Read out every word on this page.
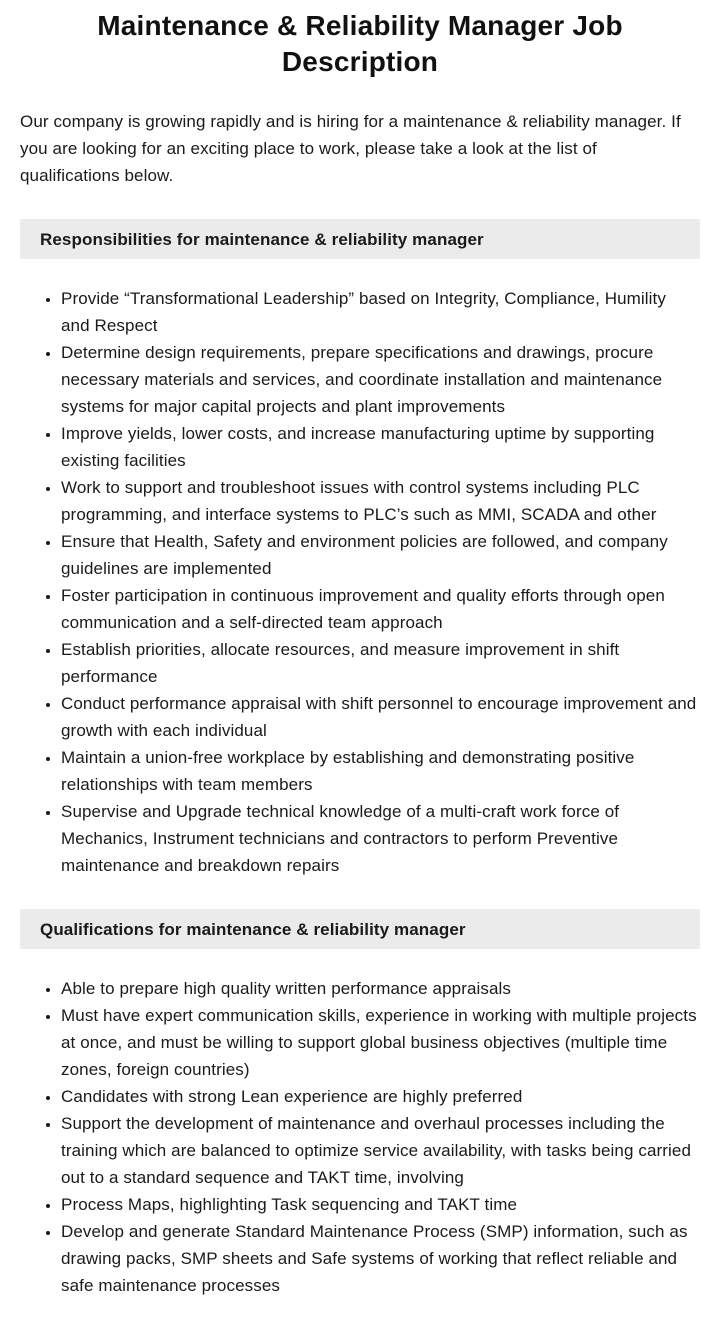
Maintenance & Reliability Manager Job Description

Our company is growing rapidly and is hiring for a maintenance & reliability manager. If you are looking for an exciting place to work, please take a look at the list of qualifications below.

Responsibilities for maintenance & reliability manager
• Provide “Transformational Leadership” based on Integrity, Compliance, Humility and Respect
• Determine design requirements, prepare specifications and drawings, procure necessary materials and services, and coordinate installation and maintenance systems for major capital projects and plant improvements
• Improve yields, lower costs, and increase manufacturing uptime by supporting existing facilities
• Work to support and troubleshoot issues with control systems including PLC programming, and interface systems to PLC’s such as MMI, SCADA and other
• Ensure that Health, Safety and environment policies are followed, and company guidelines are implemented
• Foster participation in continuous improvement and quality efforts through open communication and a self-directed team approach
• Establish priorities, allocate resources, and measure improvement in shift performance
• Conduct performance appraisal with shift personnel to encourage improvement and growth with each individual
• Maintain a union-free workplace by establishing and demonstrating positive relationships with team members
• Supervise and Upgrade technical knowledge of a multi-craft work force of Mechanics, Instrument technicians and contractors to perform Preventive maintenance and breakdown repairs
Qualifications for maintenance & reliability manager
• Able to prepare high quality written performance appraisals
• Must have expert communication skills, experience in working with multiple projects at once, and must be willing to support global business objectives (multiple time zones, foreign countries)
• Candidates with strong Lean experience are highly preferred
• Support the development of maintenance and overhaul processes including the training which are balanced to optimize service availability, with tasks being carried out to a standard sequence and TAKT time, involving
• Process Maps, highlighting Task sequencing and TAKT time
• Develop and generate Standard Maintenance Process (SMP) information, such as drawing packs, SMP sheets and Safe systems of working that reflect reliable and safe maintenance processes
